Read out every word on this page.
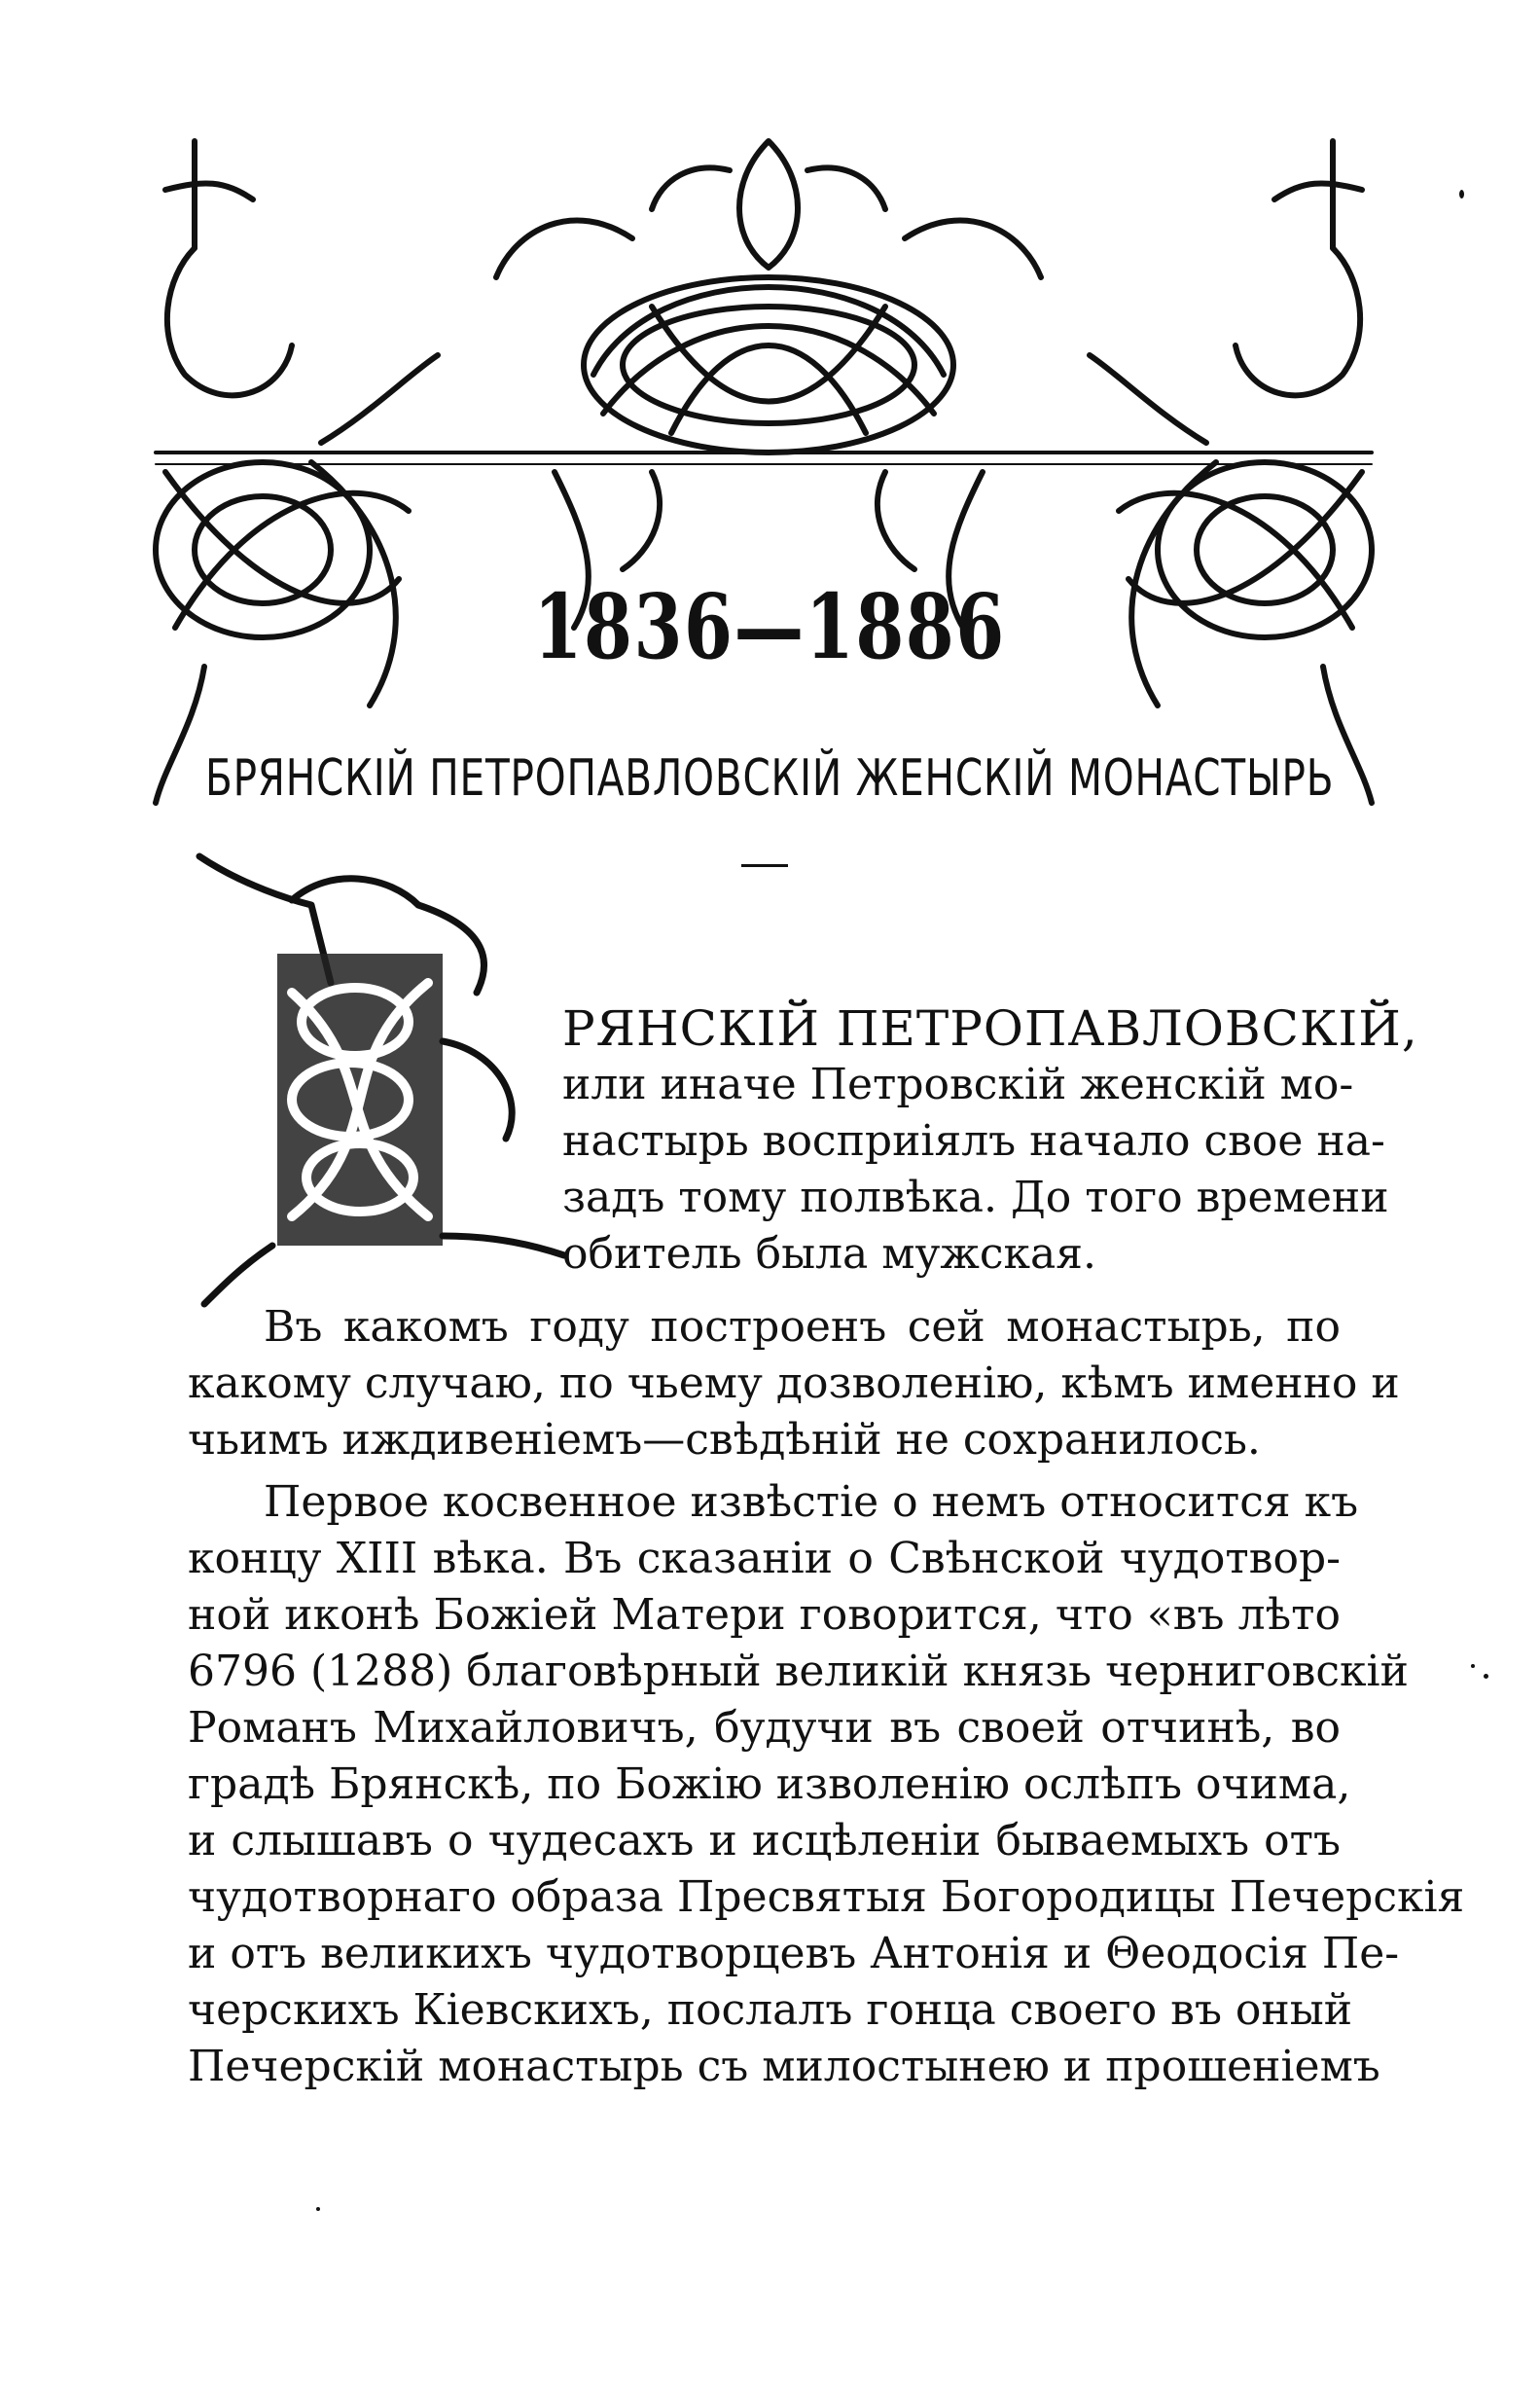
1836—1886
БРЯНСКІЙ ПЕТРОПАВЛОВСКІЙ ЖЕНСКІЙ МОНАСТЫРЬ
РЯНСКІЙ ПЕТРОПАВЛОВСКІЙ,
или иначе Петровскій женскій мо-
настырь восприіялъ начало свое на-
задъ тому полвѣка. До того времени
обитель была мужская.
Въ какомъ году построенъ сей монастырь, по
какому случаю, по чьему дозволенію, кѣмъ именно и
чьимъ иждивеніемъ—свѣдѣній не сохранилось.
Первое косвенное извѣстіе о немъ относится къ
концу XIII вѣка. Въ сказаніи о Свѣнской чудотвор-
ной иконѣ Божіей Матери говорится, что «въ лѣто
6796 (1288) благовѣрный великій князь черниговскій
Романъ Михайловичъ, будучи въ своей отчинѣ, во
градѣ Брянскѣ, по Божію изволенію ослѣпъ очима,
и слышавъ о чудесахъ и исцѣленіи бываемыхъ отъ
чудотворнаго образа Пресвятыя Богородицы Печерскія
и отъ великихъ чудотворцевъ Антонія и Θеодосія Пе-
черскихъ Кіевскихъ, послалъ гонца своего въ оный
Печерскій монастырь съ милостынею и прошеніемъ
